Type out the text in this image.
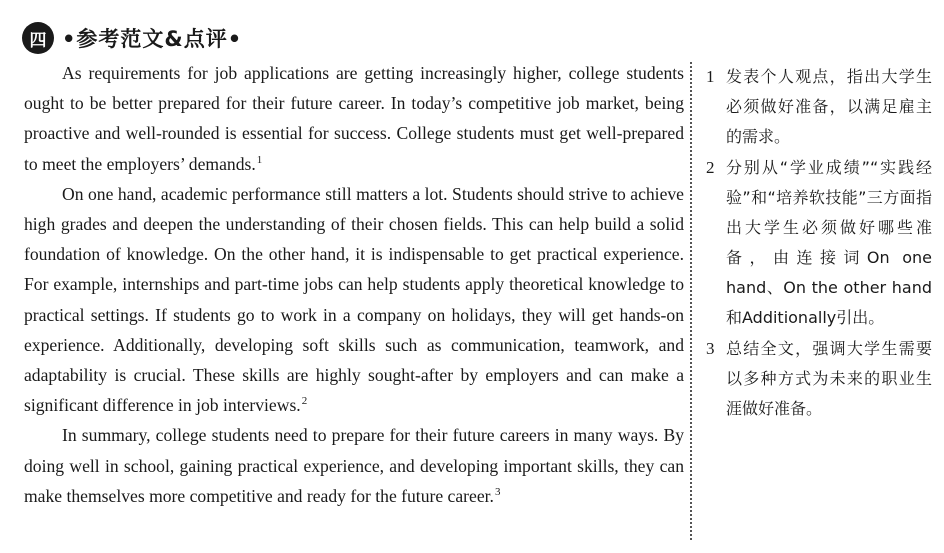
四 •参考范文&点评•

As requirements for job applications are getting increasingly higher, college students ought to be better prepared for their future career. In today’s competitive job market, being proactive and well-rounded is essential for success. College students must get well-prepared to meet the employers’ demands.$^1$

On one hand, academic performance still matters a lot. Students should strive to achieve high grades and deepen the understanding of their chosen fields. This can help build a solid foundation of knowledge. On the other hand, it is indispensable to get practical experience. For example, internships and part-time jobs can help students apply theoretical knowledge to practical settings. If students go to work in a company on holidays, they will get hands-on experience. Additionally, developing soft skills such as communication, teamwork, and adaptability is crucial. These skills are highly sought-after by employers and can make a significant difference in job interviews.$^2$

In summary, college students need to prepare for their future careers in many ways. By doing well in school, gaining practical experience, and developing important skills, they can make themselves more competitive and ready for the future career.$^3$

1 发表个人观点，指出大学生必须做好准备，以满足雇主的需求。
2 分别从“学业成绩”“实践经验”和“培养软技能”三方面指出大学生必须做好哪些准备，由连接词On one hand、On the other hand和Additionally引出。
3 总结全文，强调大学生需要以多种方式为未来的职业生涯做好准备。
